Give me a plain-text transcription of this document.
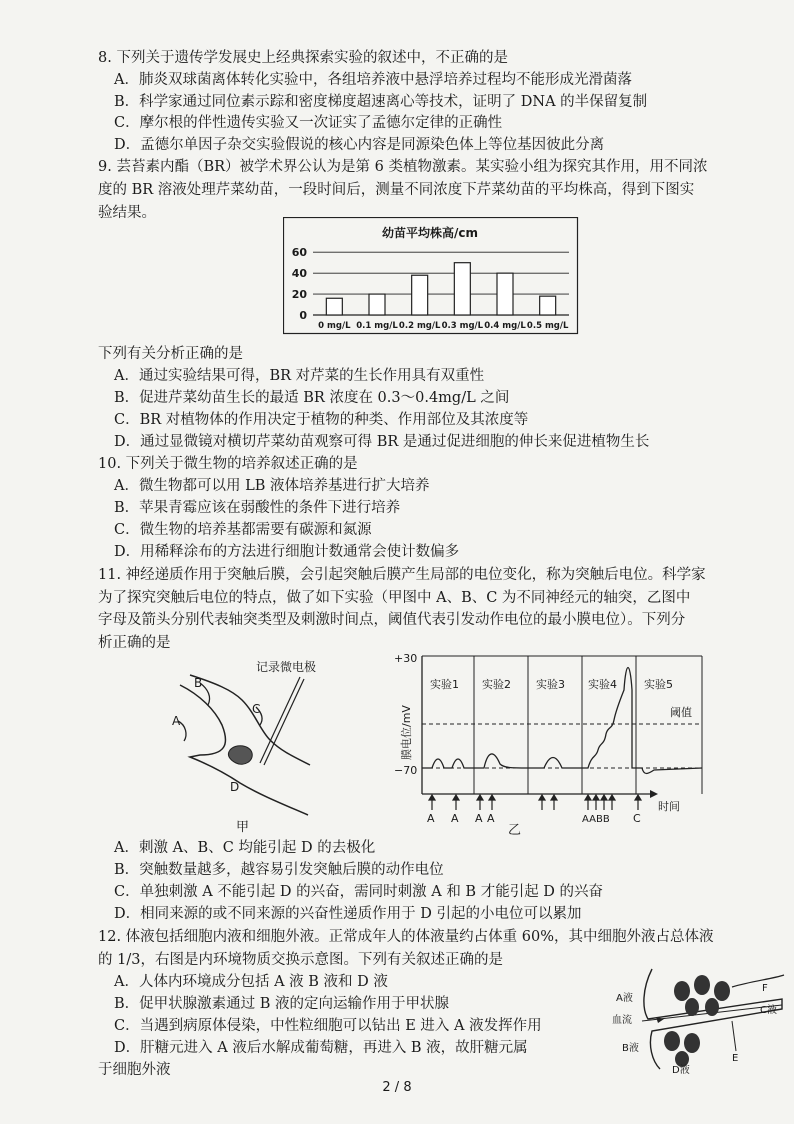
8. 下列关于遗传学发展史上经典探索实验的叙述中，不正确的是
A．肺炎双球菌离体转化实验中，各组培养液中悬浮培养过程均不能形成光滑菌落
B．科学家通过同位素示踪和密度梯度超速离心等技术，证明了 DNA 的半保留复制
C．摩尔根的伴性遗传实验又一次证实了孟德尔定律的正确性
D．孟德尔单因子杂交实验假说的核心内容是同源染色体上等位基因彼此分离
9. 芸苔素内酯（BR）被学术界公认为是第 6 类植物激素。某实验小组为探究其作用，用不同浓
度的 BR 溶液处理芹菜幼苗，一段时间后，测量不同浓度下芹菜幼苗的平均株高，得到下图实
验结果。
幼苗平均株高/cm
0
20
40
60
0 mg/L 0.1 mg/L 0.2 mg/L 0.3 mg/L 0.4 mg/L 0.5 mg/L
下列有关分析正确的是
A．通过实验结果可得，BR 对芹菜的生长作用具有双重性
B．促进芹菜幼苗生长的最适 BR 浓度在 0.3～0.4mg/L 之间
C．BR 对植物体的作用决定于植物的种类、作用部位及其浓度等
D．通过显微镜对横切芹菜幼苗观察可得 BR 是通过促进细胞的伸长来促进植物生长
10. 下列关于微生物的培养叙述正确的是
A．微生物都可以用 LB 液体培养基进行扩大培养
B．苹果青霉应该在弱酸性的条件下进行培养
C．微生物的培养基都需要有碳源和氮源
D．用稀释涂布的方法进行细胞计数通常会使计数偏多
11. 神经递质作用于突触后膜，会引起突触后膜产生局部的电位变化，称为突触后电位。科学家
为了探究突触后电位的特点，做了如下实验（甲图中 A、B、C 为不同神经元的轴突，乙图中
字母及箭头分别代表轴突类型及刺激时间点，阈值代表引发动作电位的最小膜电位）。下列分
析正确的是
记录微电极
B
A
C
D
甲
+30
−70
膜电位/mV	阈值
实验1 实验2 实验3 实验4 实验5
A A A A	AABB C
时间
乙
A．刺激 A、B、C 均能引起 D 的去极化
B．突触数量越多，越容易引发突触后膜的动作电位
C．单独刺激 A 不能引起 D 的兴奋，需同时刺激 A 和 B 才能引起 D 的兴奋
D．相同来源的或不同来源的兴奋性递质作用于 D 引起的小电位可以累加
12. 体液包括细胞内液和细胞外液。正常成年人的体液量约占体重 60%，其中细胞外液占总体液
的 1/3，右图是内环境物质交换示意图。下列有关叙述正确的是
A．人体内环境成分包括 A 液 B 液和 D 液
B．促甲状腺激素通过 B 液的定向运输作用于甲状腺
C．当遇到病原体侵染，中性粒细胞可以钻出 E 进入 A 液发挥作用
D．肝糖元进入 A 液后水解成葡萄糖，再进入 B 液，故肝糖元属
于细胞外液
A液
F
C液
血流
B液
D液
E
2 / 8
